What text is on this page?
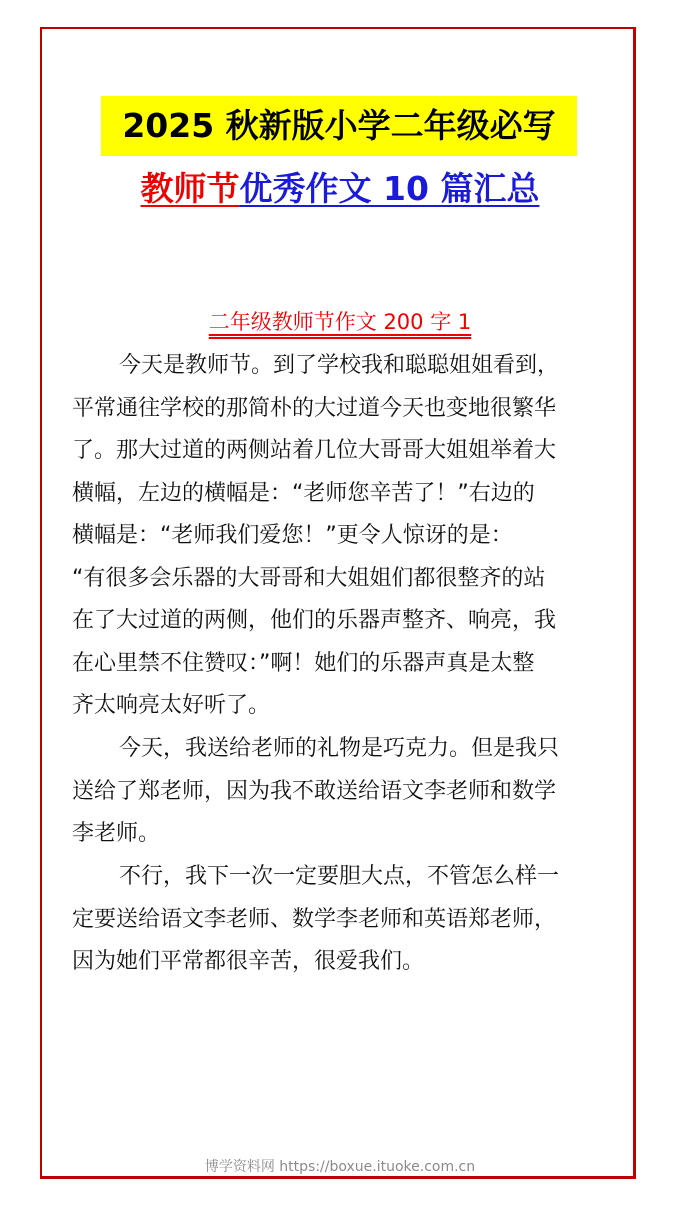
2025 秋新版小学二年级必写
教师节优秀作文 10 篇汇总
二年级教师节作文 200 字 1
今天是教师节。到了学校我和聪聪姐姐看到，
平常通往学校的那简朴的大过道今天也变地很繁华
了。那大过道的两侧站着几位大哥哥大姐姐举着大
横幅，左边的横幅是：“老师您辛苦了！”右边的
横幅是：“老师我们爱您！”更令人惊讶的是：
“有很多会乐器的大哥哥和大姐姐们都很整齐的站
在了大过道的两侧，他们的乐器声整齐、响亮，我
在心里禁不住赞叹：”啊！她们的乐器声真是太整
齐太响亮太好听了。
今天，我送给老师的礼物是巧克力。但是我只
送给了郑老师，因为我不敢送给语文李老师和数学
李老师。
不行，我下一次一定要胆大点，不管怎么样一
定要送给语文李老师、数学李老师和英语郑老师，
因为她们平常都很辛苦，很爱我们。
博学资料网 https://boxue.ituoke.com.cn
